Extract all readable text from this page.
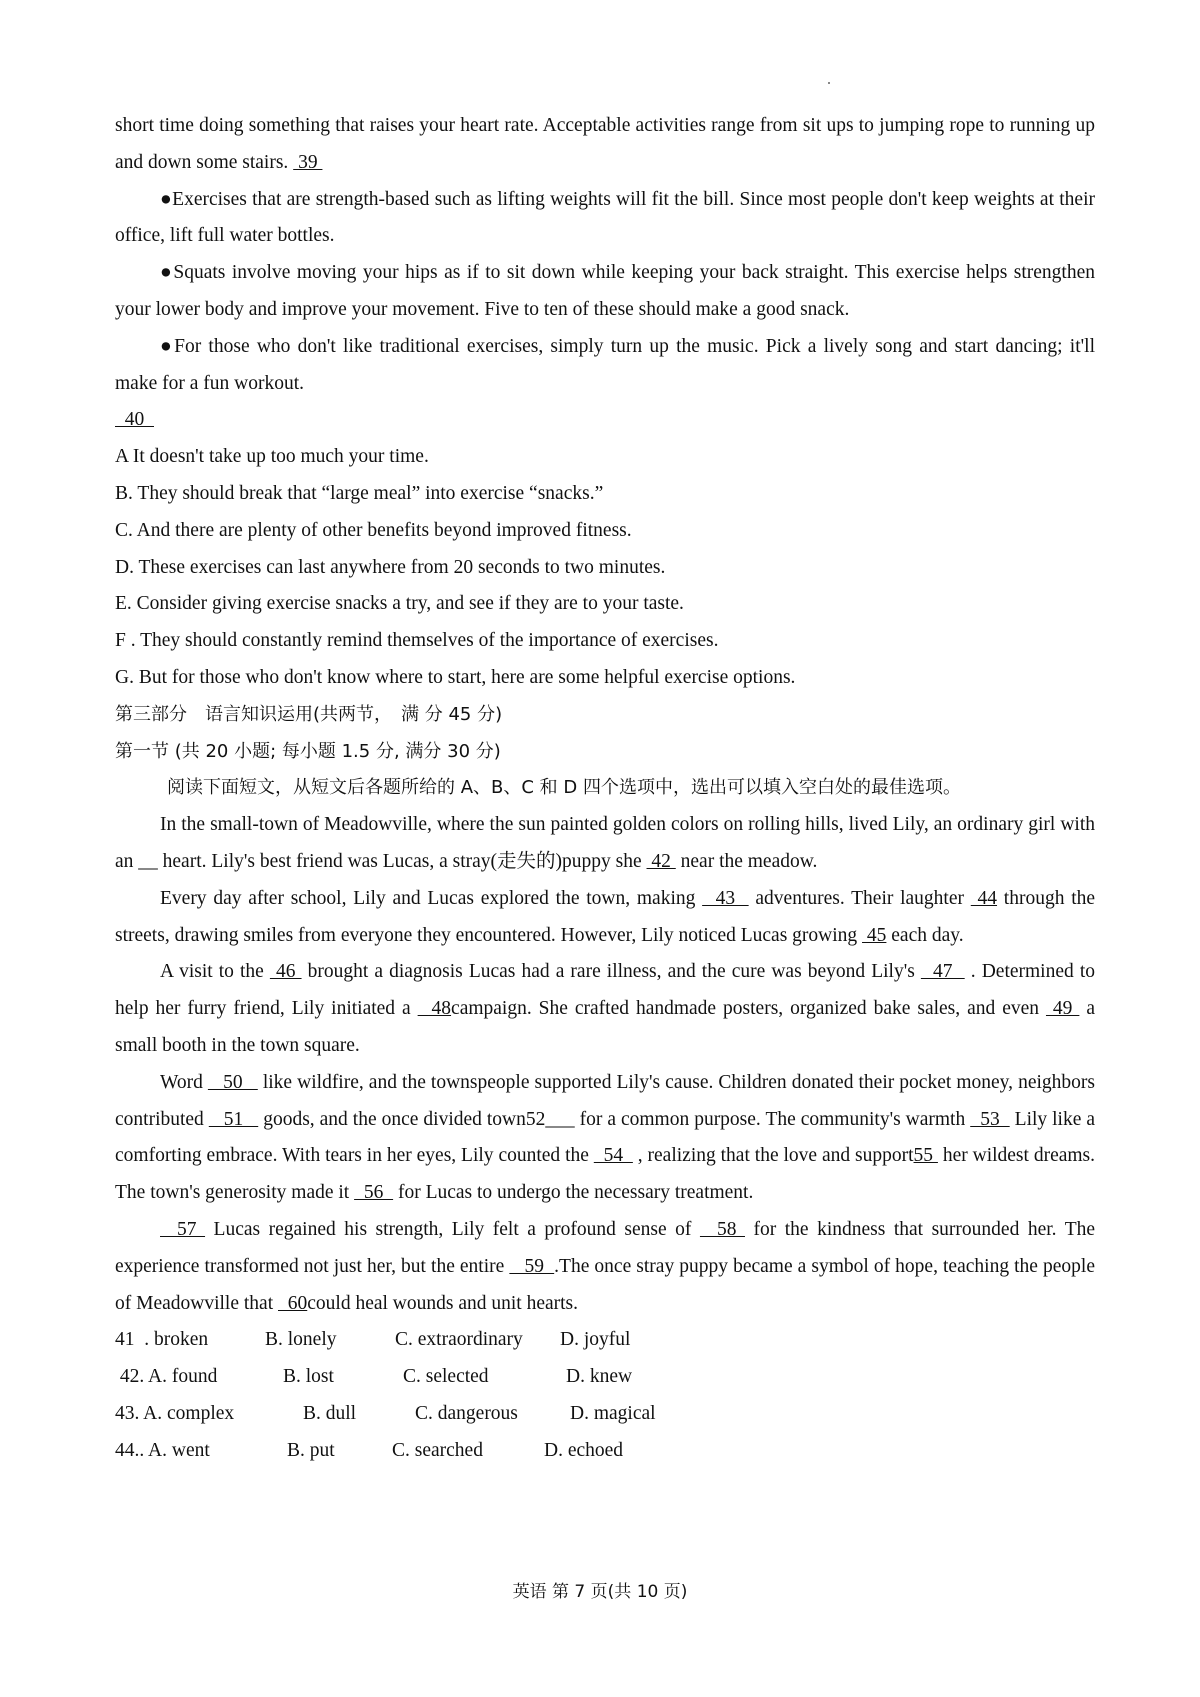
short time doing something that raises your heart rate. Acceptable activities range from sit ups to jumping rope to running up and down some stairs.  39

●Exercises that are strength-based such as lifting weights will fit the bill. Since most people don't keep weights at their office, lift full water bottles.

●Squats involve moving your hips as if to sit down while keeping your back straight. This exercise helps strengthen your lower body and improve your movement. Five to ten of these should make a good snack.

●For those who don't like traditional exercises, simply turn up the music. Pick a lively song and start dancing; it'll make for a fun workout.

40

A It doesn't take up too much your time.

B. They should break that “large meal” into exercise “snacks.”

C. And there are plenty of other benefits beyond improved fitness.

D. These exercises can last anywhere from 20 seconds to two minutes.

E. Consider giving exercise snacks a try, and see if they are to your taste.

F . They should constantly remind themselves of the importance of exercises.

G. But for those who don't know where to start, here are some helpful exercise options.

第三部分　语言知识运用(共两节，　满 分 45 分)

第一节 (共 20 小题; 每小题 1.5 分, 满分 30 分)

阅读下面短文，从短文后各题所给的 A、B、C 和 D 四个选项中，选出可以填入空白处的最佳选项。

In the small-town of Meadowville, where the sun painted golden colors on rolling hills, lived Lily, an ordinary girl with an __ heart. Lily's best friend was Lucas, a stray(走失的)puppy she  42  near the meadow.

Every day after school, Lily and Lucas explored the town, making   43   adventures. Their laughter  44 through the streets, drawing smiles from everyone they encountered. However, Lily noticed Lucas growing  45 each day.

A visit to the  46  brought a diagnosis Lucas had a rare illness, and the cure was beyond Lily's   47   . Determined to help her furry friend, Lily initiated a   48campaign. She crafted handmade posters, organized bake sales, and even  49  a small booth in the town square.

Word    50    like wildfire, and the townspeople supported Lily's cause. Children donated their pocket money, neighbors contributed    51    goods, and the once divided town52___ for a common purpose. The community's warmth   53   Lily like a comforting embrace. With tears in her eyes, Lily counted the   54   , realizing that the love and support55  her wildest dreams. The town's generosity made it   56   for Lucas to undergo the necessary treatment.

57  Lucas regained his strength, Lily felt a profound sense of   58  for the kindness that surrounded her. The experience transformed not just her, but the entire    59  .The once stray puppy became a symbol of hope, teaching the people of Meadowville that   60could heal wounds and unit hearts.

41  . broken	B. lonely	C. extraordinary	D. joyful
42. A. found	B. lost	C. selected	D. knew
43. A. complex	B. dull	C. dangerous	D. magical
44.. A. went	B. put	C. searched	D. echoed
英语 第 7 页(共 10 页)
